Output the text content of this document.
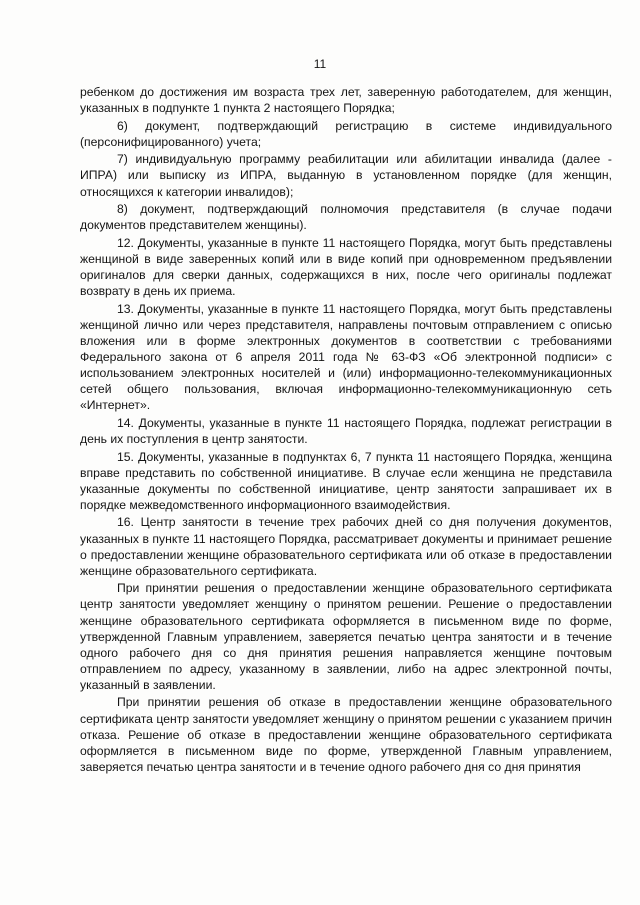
11

ребенком до достижения им возраста трех лет, заверенную работодателем, для женщин, указанных в подпункте 1 пункта 2 настоящего Порядка;

6) документ, подтверждающий регистрацию в системе индивидуального (персонифицированного) учета;

7) индивидуальную программу реабилитации или абилитации инвалида (далее - ИПРА) или выписку из ИПРА, выданную в установленном порядке (для женщин, относящихся к категории инвалидов);

8) документ, подтверждающий полномочия представителя (в случае подачи документов представителем женщины).

12. Документы, указанные в пункте 11 настоящего Порядка, могут быть представлены женщиной в виде заверенных копий или в виде копий при одновременном предъявлении оригиналов для сверки данных, содержащихся в них, после чего оригиналы подлежат возврату в день их приема.

13. Документы, указанные в пункте 11 настоящего Порядка, могут быть представлены женщиной лично или через представителя, направлены почтовым отправлением с описью вложения или в форме электронных документов в соответствии с требованиями Федерального закона от 6 апреля 2011 года № 63-ФЗ «Об электронной подписи» с использованием электронных носителей и (или) информационно-телекоммуникационных сетей общего пользования, включая информационно-телекоммуникационную сеть «Интернет».

14. Документы, указанные в пункте 11 настоящего Порядка, подлежат регистрации в день их поступления в центр занятости.

15. Документы, указанные в подпунктах 6, 7 пункта 11 настоящего Порядка, женщина вправе представить по собственной инициативе. В случае если женщина не представила указанные документы по собственной инициативе, центр занятости запрашивает их в порядке межведомственного информационного взаимодействия.

16. Центр занятости в течение трех рабочих дней со дня получения документов, указанных в пункте 11 настоящего Порядка, рассматривает документы и принимает решение о предоставлении женщине образовательного сертификата или об отказе в предоставлении женщине образовательного сертификата.

При принятии решения о предоставлении женщине образовательного сертификата центр занятости уведомляет женщину о принятом решении. Решение о предоставлении женщине образовательного сертификата оформляется в письменном виде по форме, утвержденной Главным управлением, заверяется печатью центра занятости и в течение одного рабочего дня со дня принятия решения направляется женщине почтовым отправлением по адресу, указанному в заявлении, либо на адрес электронной почты, указанный в заявлении.

При принятии решения об отказе в предоставлении женщине образовательного сертификата центр занятости уведомляет женщину о принятом решении с указанием причин отказа. Решение об отказе в предоставлении женщине образовательного сертификата оформляется в письменном виде по форме, утвержденной Главным управлением, заверяется печатью центра занятости и в течение одного рабочего дня со дня принятия
